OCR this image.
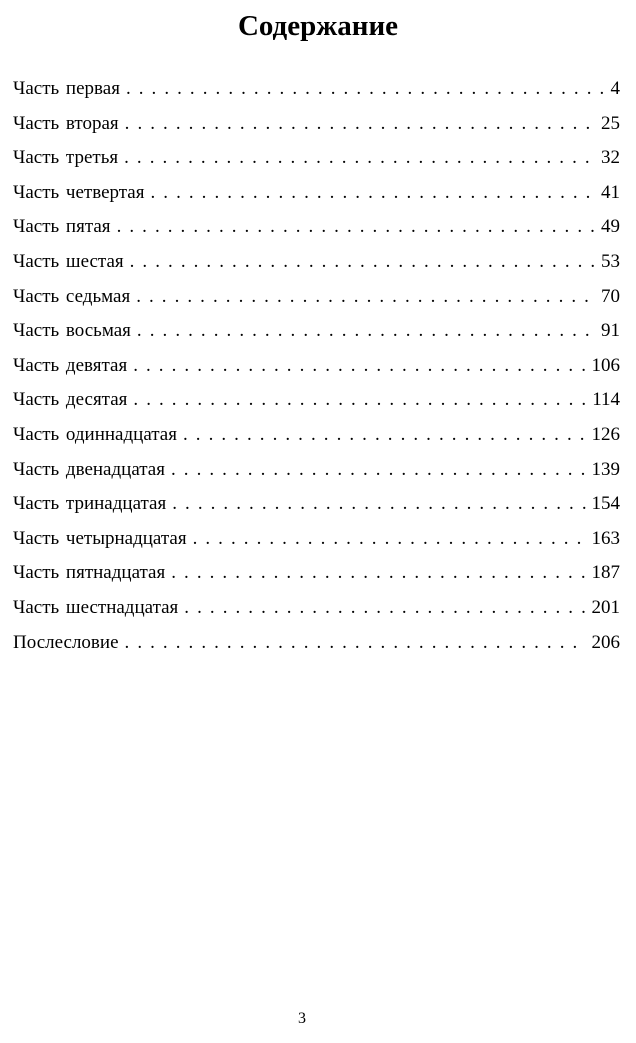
Содержание
Часть первая . . .	4
Часть вторая . . .	25
Часть третья . . .	32
Часть четвертая . . .	41
Часть пятая . . .	49
Часть шестая . . .	53
Часть седьмая . . .	70
Часть восьмая . . .	91
Часть девятая . . .	106
Часть десятая . . .	114
Часть одиннадцатая . . .	126
Часть двенадцатая . . .	139
Часть тринадцатая . . .	154
Часть четырнадцатая . . .	163
Часть пятнадцатая . . .	187
Часть шестнадцатая . . .	201
Послесловие . . .	206
3
